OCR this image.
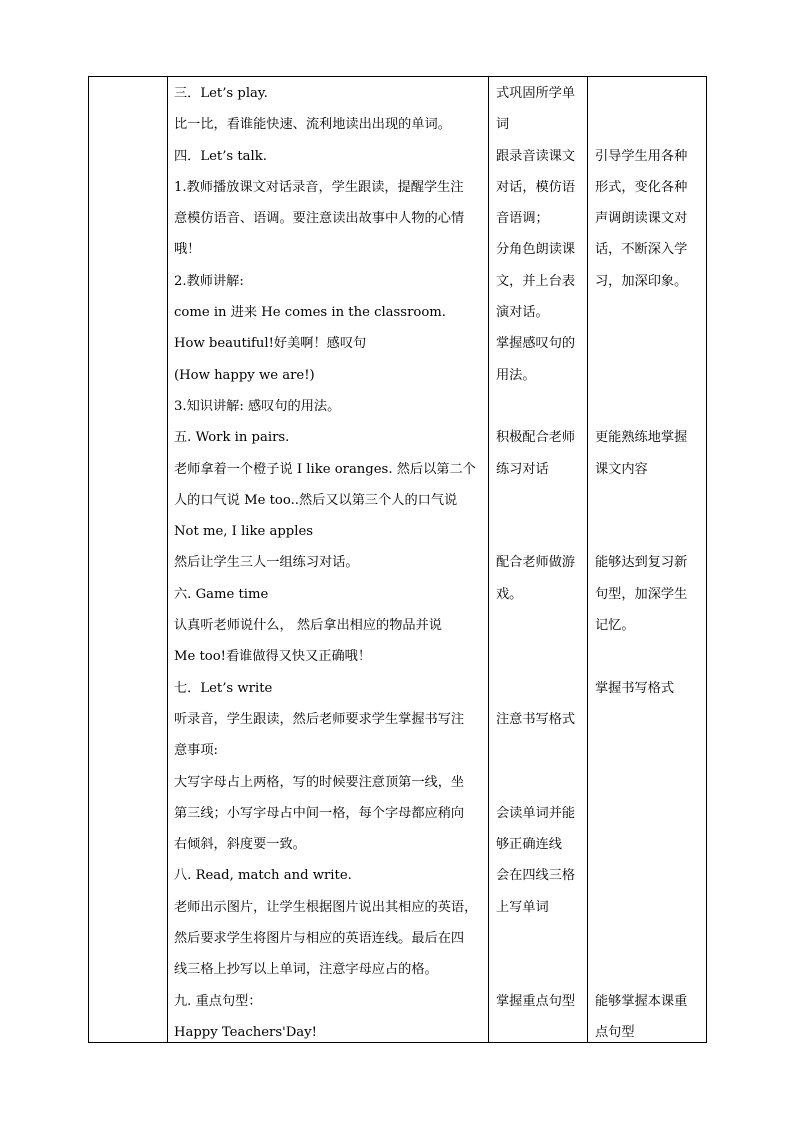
三．Let’s play.
比一比，看谁能快速、流利地读出出现的单词。
四．Let’s talk.
1.教师播放课文对话录音，学生跟读，提醒学生注
意模仿语音、语调。要注意读出故事中人物的心情
哦！
2.教师讲解:
come in 进来 He comes in the classroom.
How beautiful!好美啊！感叹句
(How happy we are!)
3.知识讲解: 感叹句的用法。
五. Work in pairs.
老师拿着一个橙子说 I like oranges. 然后以第二个
人的口气说 Me too..然后又以第三个人的口气说
Not me, I like apples
然后让学生三人一组练习对话。
六. Game time
认真听老师说什么， 然后拿出相应的物品并说
Me too!看谁做得又快又正确哦！
七．Let’s write
听录音，学生跟读，然后老师要求学生掌握书写注
意事项:
大写字母占上两格，写的时候要注意顶第一线，坐
第三线；小写字母占中间一格，每个字母都应稍向
右倾斜，斜度要一致。
八. Read, match and write.
老师出示图片，让学生根据图片说出其相应的英语，
然后要求学生将图片与相应的英语连线。最后在四
线三格上抄写以上单词，注意字母应占的格。
九. 重点句型：
Happy Teachers'Day!
式巩固所学单
词
跟录音读课文
对话，模仿语
音语调；
分角色朗读课
文，并上台表
演对话。
掌握感叹句的
用法。
积极配合老师
练习对话
配合老师做游
戏。
注意书写格式
会读单词并能
够正确连线
会在四线三格
上写单词
掌握重点句型
引导学生用各种
形式，变化各种
声调朗读课文对
话，不断深入学
习，加深印象。
更能熟练地掌握
课文内容
能够达到复习新
句型，加深学生
记忆。
掌握书写格式
能够掌握本课重
点句型
